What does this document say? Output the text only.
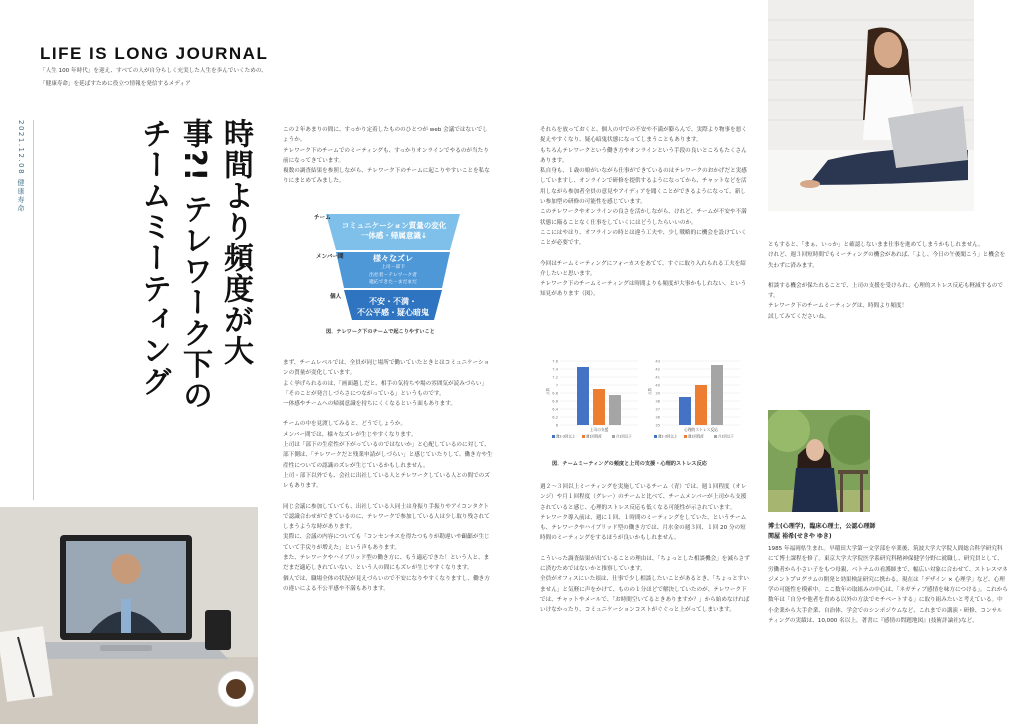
LIFE IS LONG JOURNAL
「人生 100 年時代」を迎え、すべての人が自分らしく充実した人生を歩んでいくための、
「健康寿命」を延ばすために役立つ情報を発信するメディア
2021.12.08 健康寿命	時間より頻度が大事?! テレワーク下の チームミーティング	この２年あまりの間に、すっかり定着したもののひとつが web 会議ではないでしょうか。

テレワーク下のチームでのミーティングも、すっかりオンラインでやるのが当たり前になってきています。

複数の調査結果を参照しながら、テレワーク下のチームに起こりやすいことを私なりにまとめてみました。

チーム
コミュニケーション質量の変化
一体感・帰属意識↓
メンバー間	様々なズレ
上司－部下
出社者－テレワーク者
適応できた－まだまだ
個人	不安・不満・
不公平感・疑心暗鬼
図．テレワーク下のチームで起こりやすいこと

まず、チームレベルでは、全員が同じ場所で働いていたときとはコミュニケーションの質量が変化しています。

よく挙げられるのは、「画面越しだと、相手の気持ちや場の雰囲気が読みづらい」「そのことが発言しづらさにつながっている」というものです。

一体感やチームへの帰属意識を持ちにくくなるという面もあります。

チームの中を見渡してみると、どうでしょうか。

メンバー間では、様々なズレが生じやすくなります。

上司は「部下の生産性が下がっているのではないか」と心配しているのに対して、部下側は、「テレワークだと残業申請がしづらい」と感じていたりして、働き方や生産性についての認識のズレが生じているかもしれません。

上司・部下以外でも、会社に出社している人とテレワークしている人との間でのズレもあります。

同じ会議に参加していても、出社している人同士は身振り手振りやアイコンタクトで認識合わせができているのに、テレワークで参加している人は少し取り残されてしまうような時があります。

実際に、会議の内容についても「コンセンサスを得たつもりが勘違いや齟齬が生じていて手戻りが増えた」という声もあります。

また、テレワークやハイブリッド型の働き方に、もう適応できた！という人と、まだまだ適応しきれていない、という人の間にもズレが生じやすくなります。

個人では、職場全体の状況が見えづらいので不安になりやすくなりますし、働き方の違いによる不公平感や不満もあります。

それらを放っておくと、個人の中での不安や不満が膨らんで、実際より物事を悪く捉えやすくなり、疑心暗鬼状態になってしまうこともあります。

もちろんテレワークという働き方やオンラインという手段の良いところもたくさんあります。

私自身も、１歳の娘がいながら仕事ができているのはテレワークのおかげだと実感していますし、オンラインで研修を提供するようになってから、チャットなどを活用しながら参加者全員の意見やアイディアを聞くことができるようになって、新しい参加型の研修の可能性を感じています。

このテレワークやオンラインの良さを活かしながら、けれど、チームが不安や不満状態に陥ることなく仕事をしていくにはどうしたらいいのか。

ここにはやはり、オフラインの時とは違う工夫や、少し戦略的に機会を設けていくことが必要です。

今回はチームミーティングにフォーカスをあてて、すぐに取り入れられる工夫を紹介したいと思います。

テレワーク下のチームミーティングは時間よりも頻度が大事かもしれない、という知見があります（図）。

6
6.2
6.4
6.6
6.8
7
7.2
7.4
7.6
点数
上司の支援
週2-3回以上	週1回程度	月1回以下
35
36
37
38
39
40
41
42
43
点数
心理的ストレス反応
週2-3回以上	週1回程度	月1回以下
図．チームミーティングの頻度と上司の支援・心理的ストレス反応

週２〜３回以上ミーティングを実施しているチーム（青）では、週１回程度（オレンジ）や月１回程度（グレー）のチームと比べて、チームメンバーが上司から支援されていると感じ、心理的ストレス反応も低くなる可能性が示されています。

テレワーク導入前は、週に１回、１時間のミーティングをしていた、というチームも、テレワークやハイブリッド型の働き方では、月水金の週３回、１回 20 分の短時間のミーティングをするほうが良いかもしれません。

こういった調査結果が出ていることの理由は、「ちょっとした相談機会」を減らさずに済むためではないかと推察しています。

全員がオフィスにいた頃は、仕事で少し相談したいことがあるとき、「ちょっとすいません」と気軽に声をかけて、ものの１分ほどで解決していたのが、テレワーク下では、チャットやメールで、「お時間空いてるときありますか？」から始めなければいけなかったり、コミュニケーションコストがぐぐっと上がってしまいます。

ともすると、「まぁ、いっか」と確認しないまま仕事を進めてしまうかもしれません。

けれど、週３回短時間でもミーティングの機会があれば、「よし、今日の午後聞こう」と機会を失わずに済みます。

相談する機会が保たれることで、上司の支援を受けられ、心理的ストレス反応も軽減するのです。

テレワーク下のチームミーティングは、時間より頻度！

試してみてくださいね。

博士(心理学)，臨床心理士，公認心理師
関屋 裕希(せきや ゆき)
1985 年福岡県生まれ。早稲田大学第一文学部を卒業後、筑波大学大学院人間総合科学研究科にて博士課程を修了。東京大学大学院医学系研究科精神保健学分野に就職し、研究員として、労働者から小さい子をもつ母親、ベトナムの看護師まで、幅広い対象に合わせて、ストレスマネジメントプログラムの開発と効果検証研究に携わる。現在は「デザイン × 心理学」など、心理学の可能性を模索中。ここ数年の取組みの中心は、「ネガティブ感情を味方につける」。これから数年は「自分や他者を責める以外の方法でモチベートする」に取り組みたいと考えている。中小企業から大手企業、自治体、学会でのシンポジウムなど、これまでの講演・研修、コンサルティングの実績は、10,000 名以上。著書に『感情の問題地図』(技術評論社)など。
